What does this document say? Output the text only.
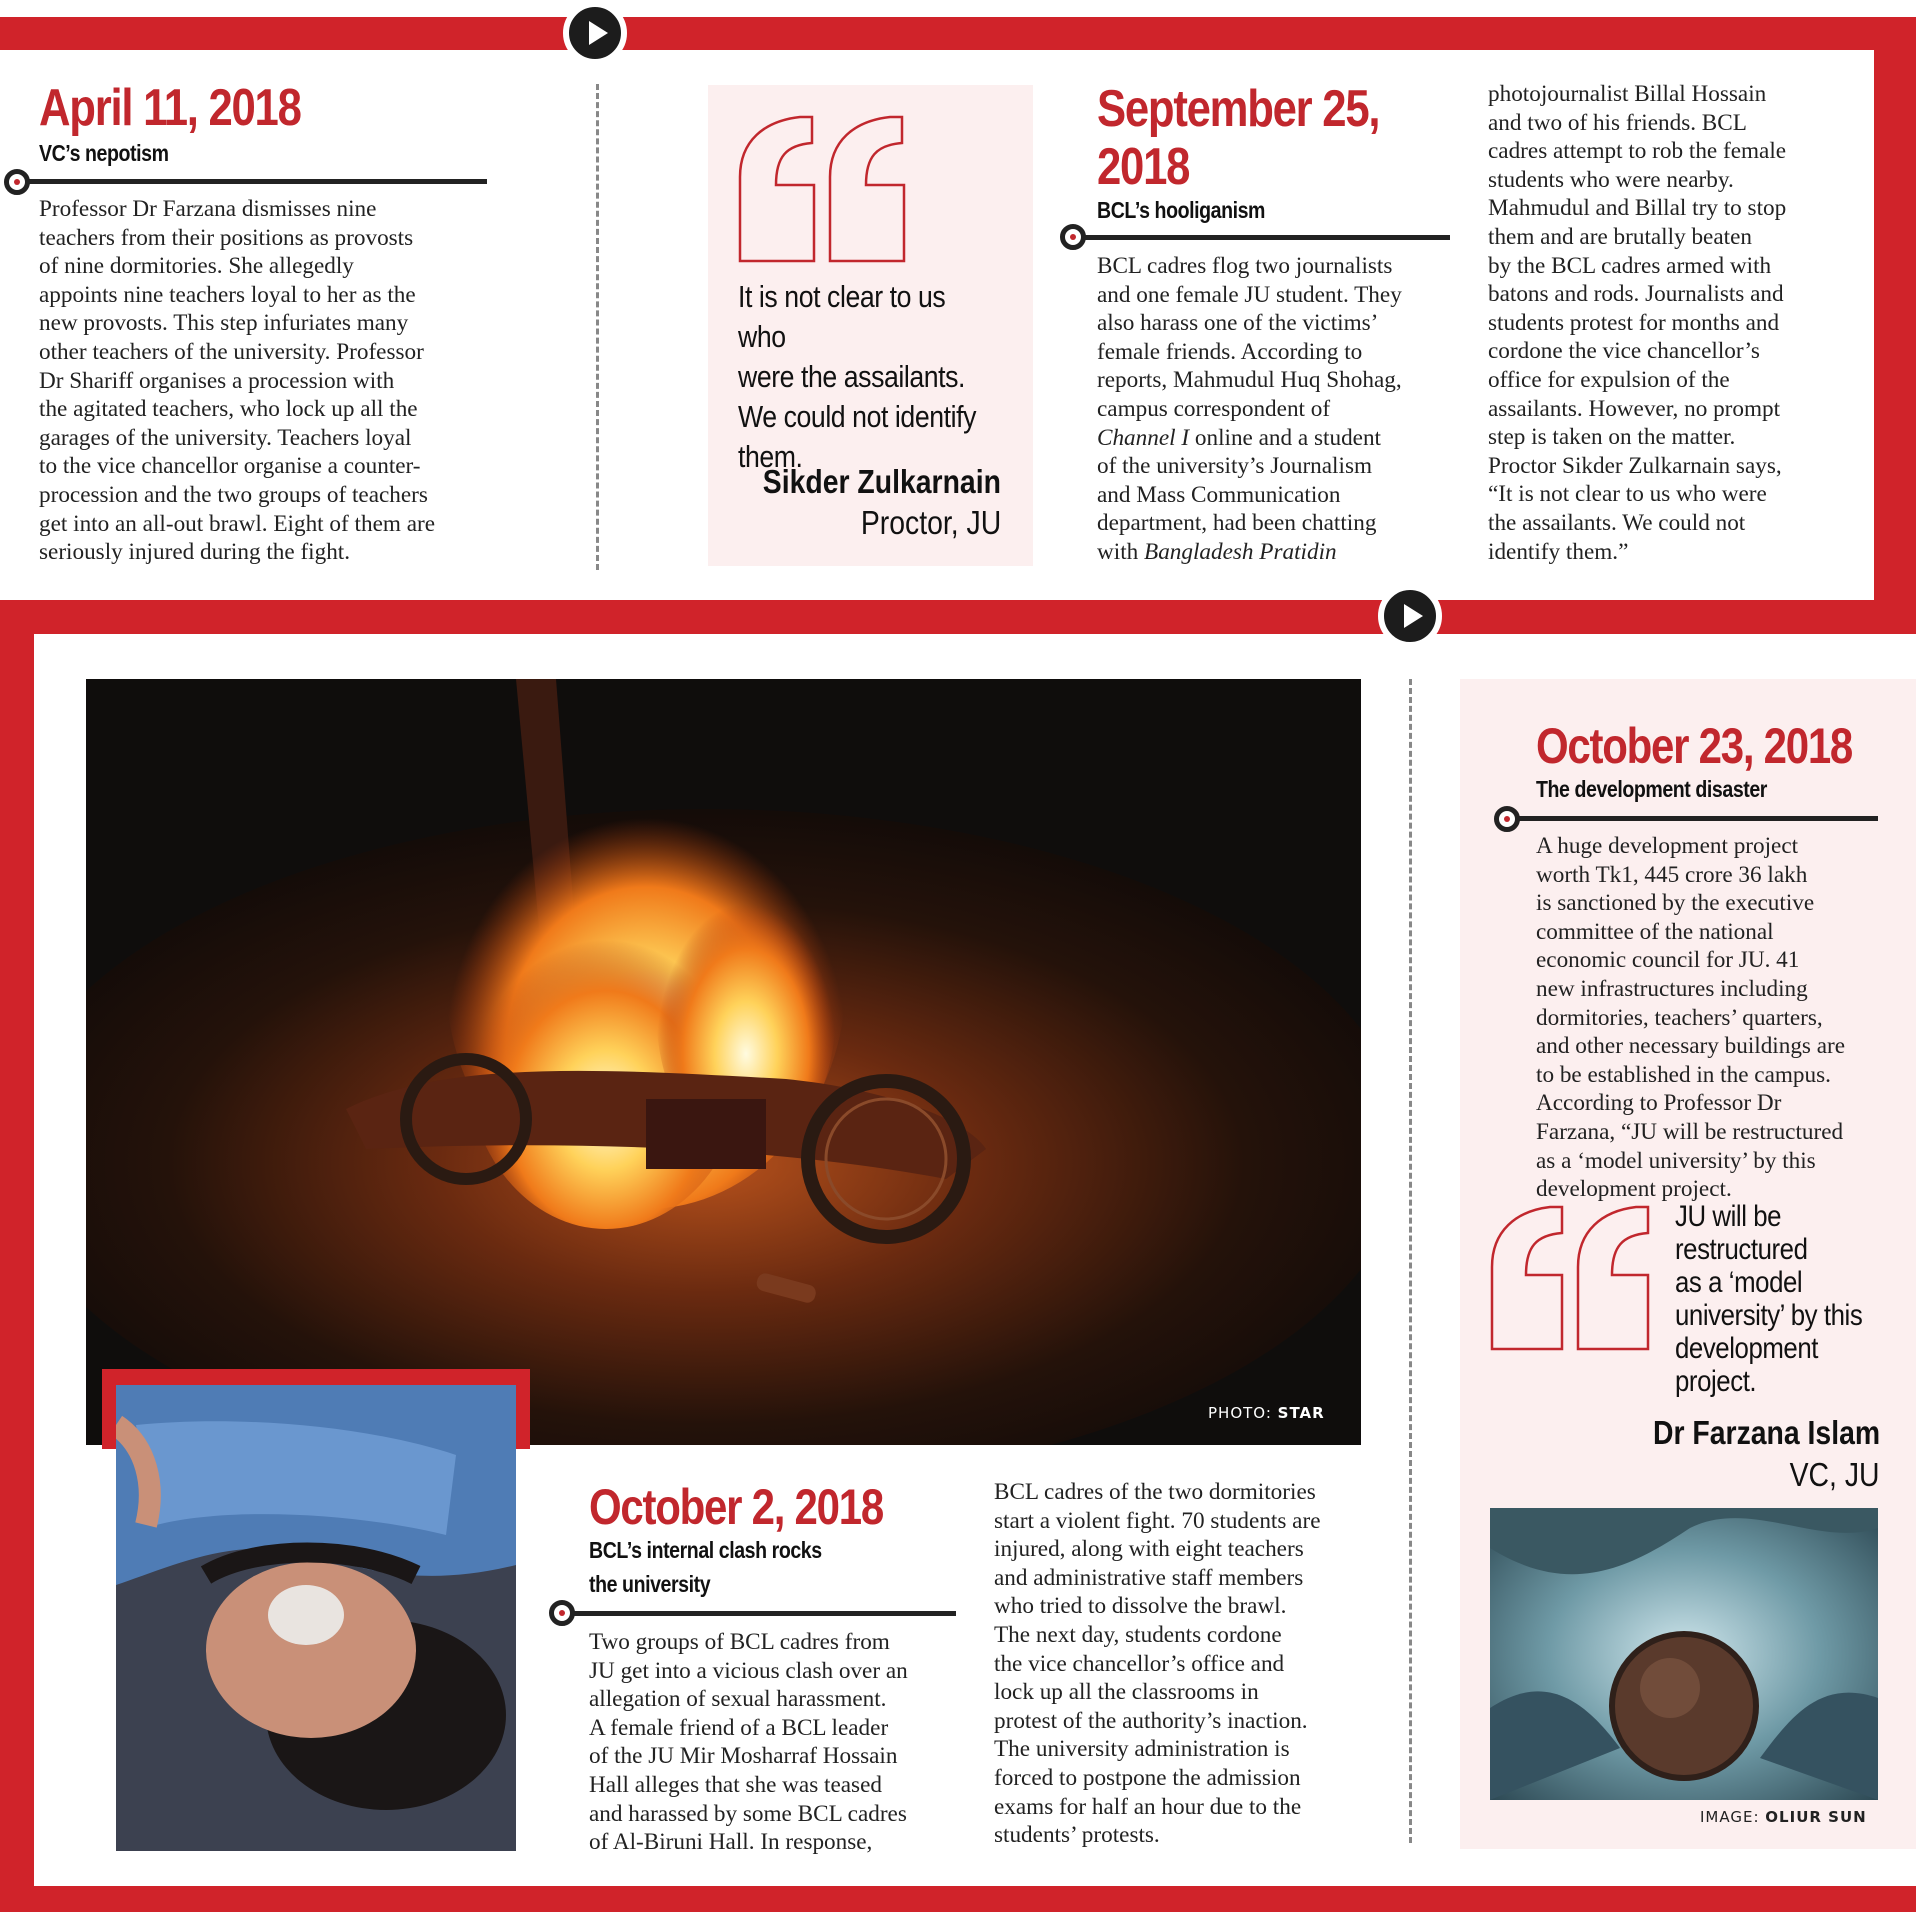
April 11, 2018
VC’s nepotism

Professor Dr Farzana dismisses nine

teachers from their positions as provosts

of nine dormitories. She allegedly

appoints nine teachers loyal to her as the

new provosts. This step infuriates many

other teachers of the university. Professor

Dr Shariff organises a procession with

the agitated teachers, who lock up all the

garages of the university. Teachers loyal

to the vice chancellor organise a counter-

procession and the two groups of teachers

get into an all-out brawl. Eight of them are

seriously injured during the fight.

It is not clear to us who
were the assailants.
We could not identify
them.
Sikder Zulkarnain
Proctor, JU
September 25,
2018
BCL’s hooliganism

BCL cadres flog two journalists

and one female JU student. They

also harass one of the victims’

female friends. According to

reports, Mahmudul Huq Shohag,

campus correspondent of

Channel I online and a student

of the university’s Journalism

and Mass Communication

department, had been chatting

with Bangladesh Pratidin

photojournalist Billal Hossain

and two of his friends. BCL

cadres attempt to rob the female

students who were nearby.

Mahmudul and Billal try to stop

them and are brutally beaten

by the BCL cadres armed with

batons and rods. Journalists and

students protest for months and

cordone the vice chancellor’s

office for expulsion of the

assailants. However, no prompt

step is taken on the matter.

Proctor Sikder Zulkarnain says,

“It is not clear to us who were

the assailants. We could not

identify them.”

PHOTO: STAR
October 2, 2018
BCL’s internal clash rocks
the university

Two groups of BCL cadres from

JU get into a vicious clash over an

allegation of sexual harassment.

A female friend of a BCL leader

of the JU Mir Mosharraf Hossain

Hall alleges that she was teased

and harassed by some BCL cadres

of Al-Biruni Hall. In response,

BCL cadres of the two dormitories

start a violent fight. 70 students are

injured, along with eight teachers

and administrative staff members

who tried to dissolve the brawl.

The next day, students cordone

the vice chancellor’s office and

lock up all the classrooms in

protest of the authority’s inaction.

The university administration is

forced to postpone the admission

exams for half an hour due to the

students’ protests.

October 23, 2018
The development disaster

A huge development project

worth Tk1, 445 crore 36 lakh

is sanctioned by the executive

committee of the national

economic council for JU. 41

new infrastructures including

dormitories, teachers’ quarters,

and other necessary buildings are

to be established in the campus.

According to Professor Dr

Farzana, “JU will be restructured

as a ‘model university’ by this

development project.

JU will be
restructured
as a ‘model
university’ by this
development
project.
Dr Farzana Islam
VC, JU
IMAGE: OLIUR SUN
